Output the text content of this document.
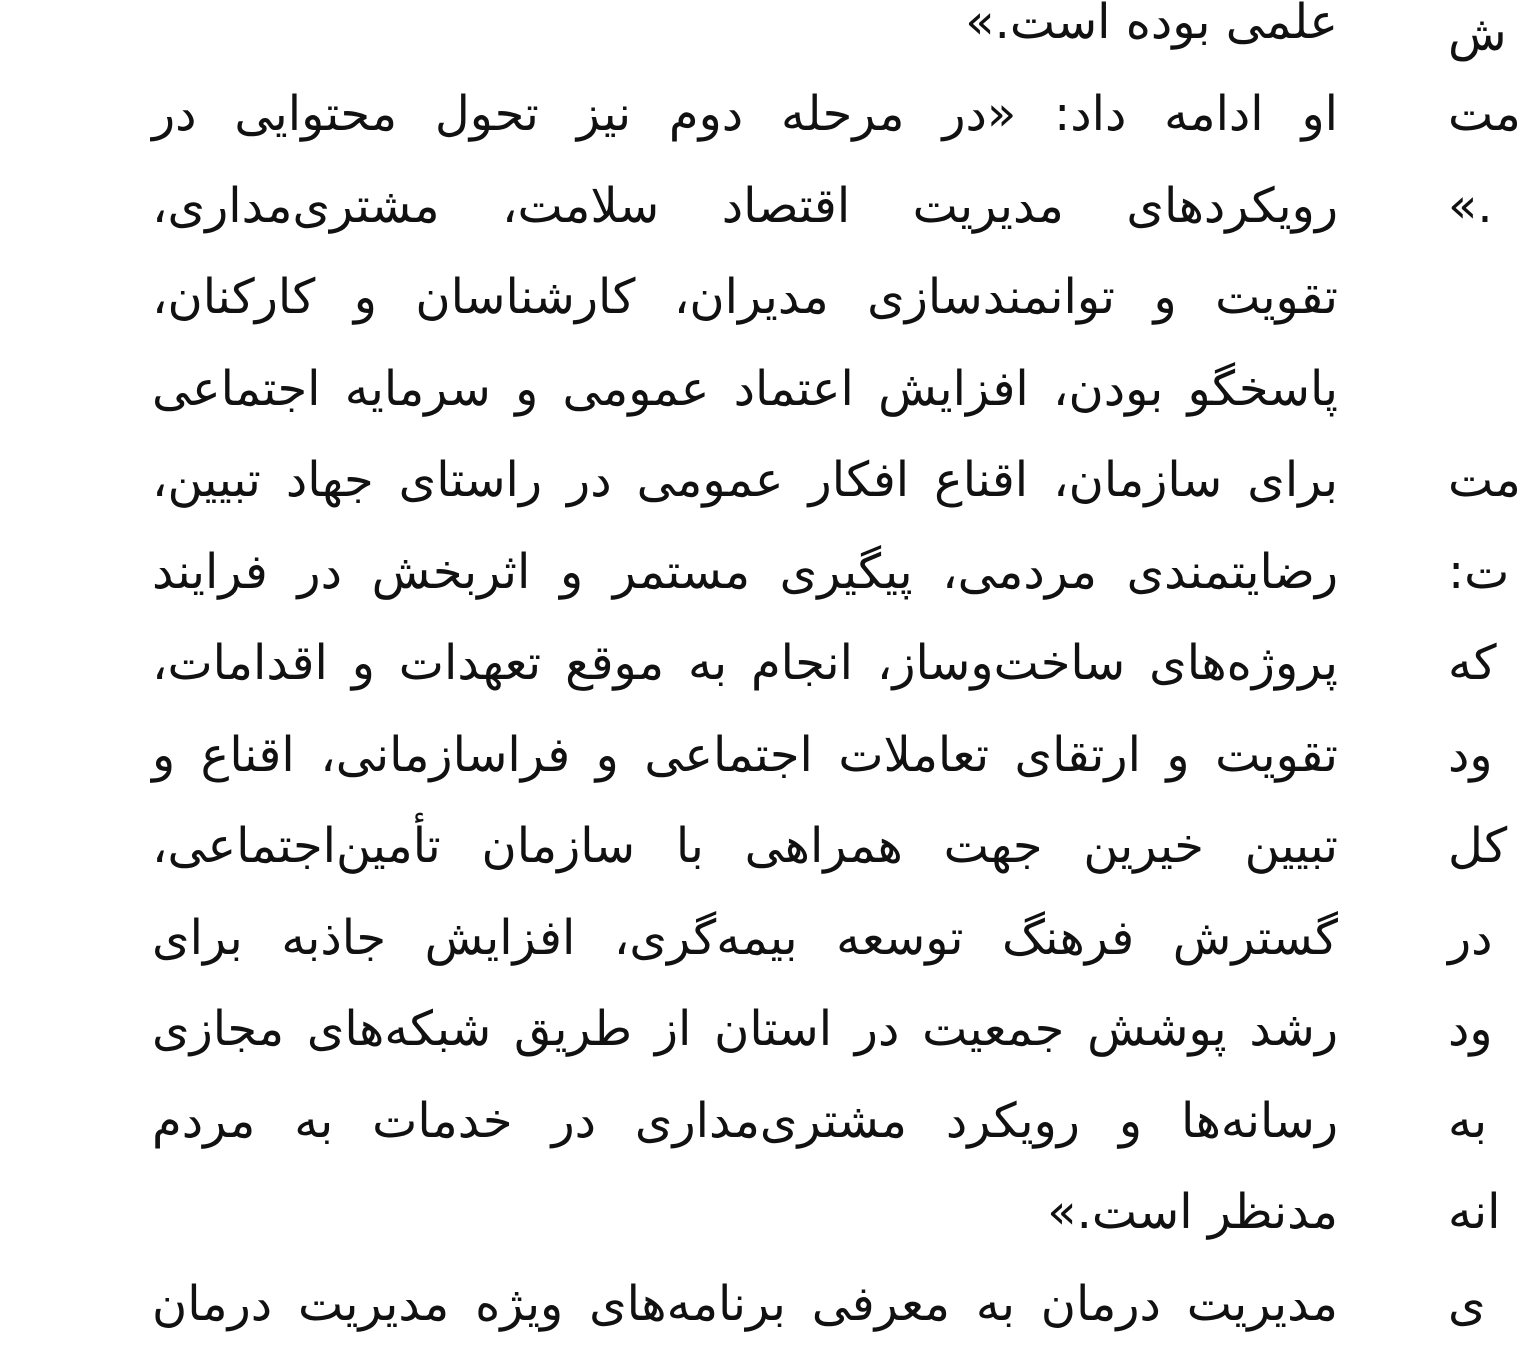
علمی بوده است.»
او ادامه داد: «در مرحله دوم نیز تحول محتوایی در
رویکردهای مدیریت اقتصاد سلامت، مشتری‌مداری،
تقویت و توانمندسازی مدیران، کارشناسان و کارکنان،
پاسخگو بودن، افزایش اعتماد عمومی و سرمایه اجتماعی
برای سازمان، اقناع افکار عمومی در راستای جهاد تبیین،
رضایتمندی مردمی، پیگیری مستمر و اثربخش در فرایند
پروژه‌های ساخت‌وساز، انجام به موقع تعهدات و اقدامات،
تقویت و ارتقای تعاملات اجتماعی و فراسازمانی، اقناع و
تبیین خیرین جهت همراهی با سازمان تأمین‌اجتماعی،
گسترش فرهنگ توسعه بیمه‌گری، افزایش جاذبه برای
رشد پوشش جمعیت در استان از طریق شبکه‌های مجازی
رسانه‌ها و رویکرد مشتری‌مداری در خدمات به مردم
مدنظر است.»
مدیریت درمان به معرفی برنامه‌های ویژه مدیریت درمان
ش
مت
.»
مت
ت:
که
ود
کل
در
ود
به
انه
ی
